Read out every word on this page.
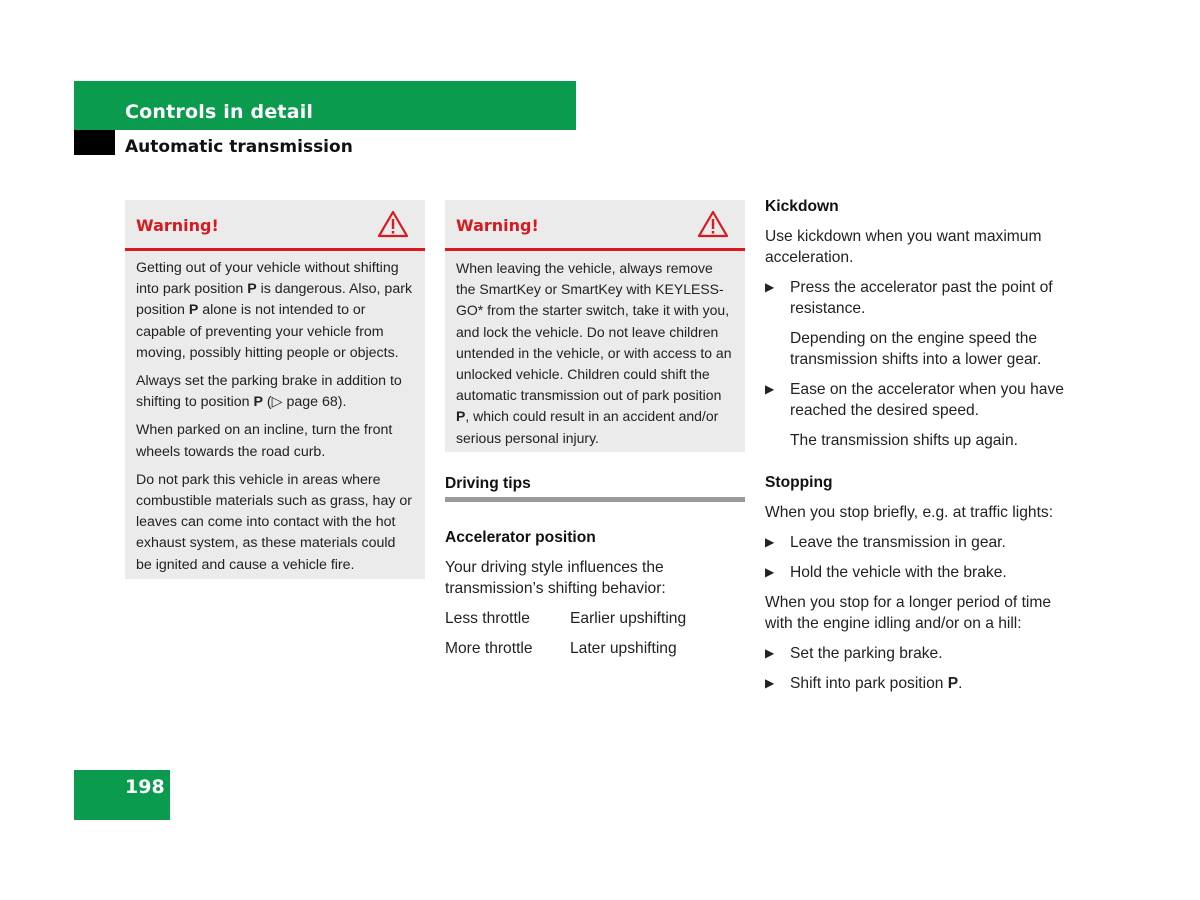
Controls in detail
Automatic transmission
Warning!

Getting out of your vehicle without shifting into park position P is dangerous. Also, park position P alone is not intended to or capable of preventing your vehicle from moving, possibly hitting people or objects.

Always set the parking brake in addition to shifting to position P (▷ page 68).

When parked on an incline, turn the front wheels towards the road curb.

Do not park this vehicle in areas where combustible materials such as grass, hay or leaves can come into contact with the hot exhaust system, as these materials could be ignited and cause a vehicle fire.

Warning!

When leaving the vehicle, always remove the SmartKey or SmartKey with KEYLESS-GO* from the starter switch, take it with you, and lock the vehicle. Do not leave children untended in the vehicle, or with access to an unlocked vehicle. Children could shift the automatic transmission out of park position P, which could result in an accident and/or serious personal injury.

Driving tips
Accelerator position

Your driving style influences the transmission’s shifting behavior:

Less throttle	Earlier upshifting
More throttle	Later upshifting
Kickdown

Use kickdown when you want maximum acceleration.

▶ Press the accelerator past the point of resistance.

Depending on the engine speed the transmission shifts into a lower gear.

▶ Ease on the accelerator when you have reached the desired speed.

The transmission shifts up again.

Stopping

When you stop briefly, e.g. at traffic lights:

▶ Leave the transmission in gear.
▶ Hold the vehicle with the brake.

When you stop for a longer period of time with the engine idling and/or on a hill:

▶ Set the parking brake.
▶ Shift into park position P.
198
